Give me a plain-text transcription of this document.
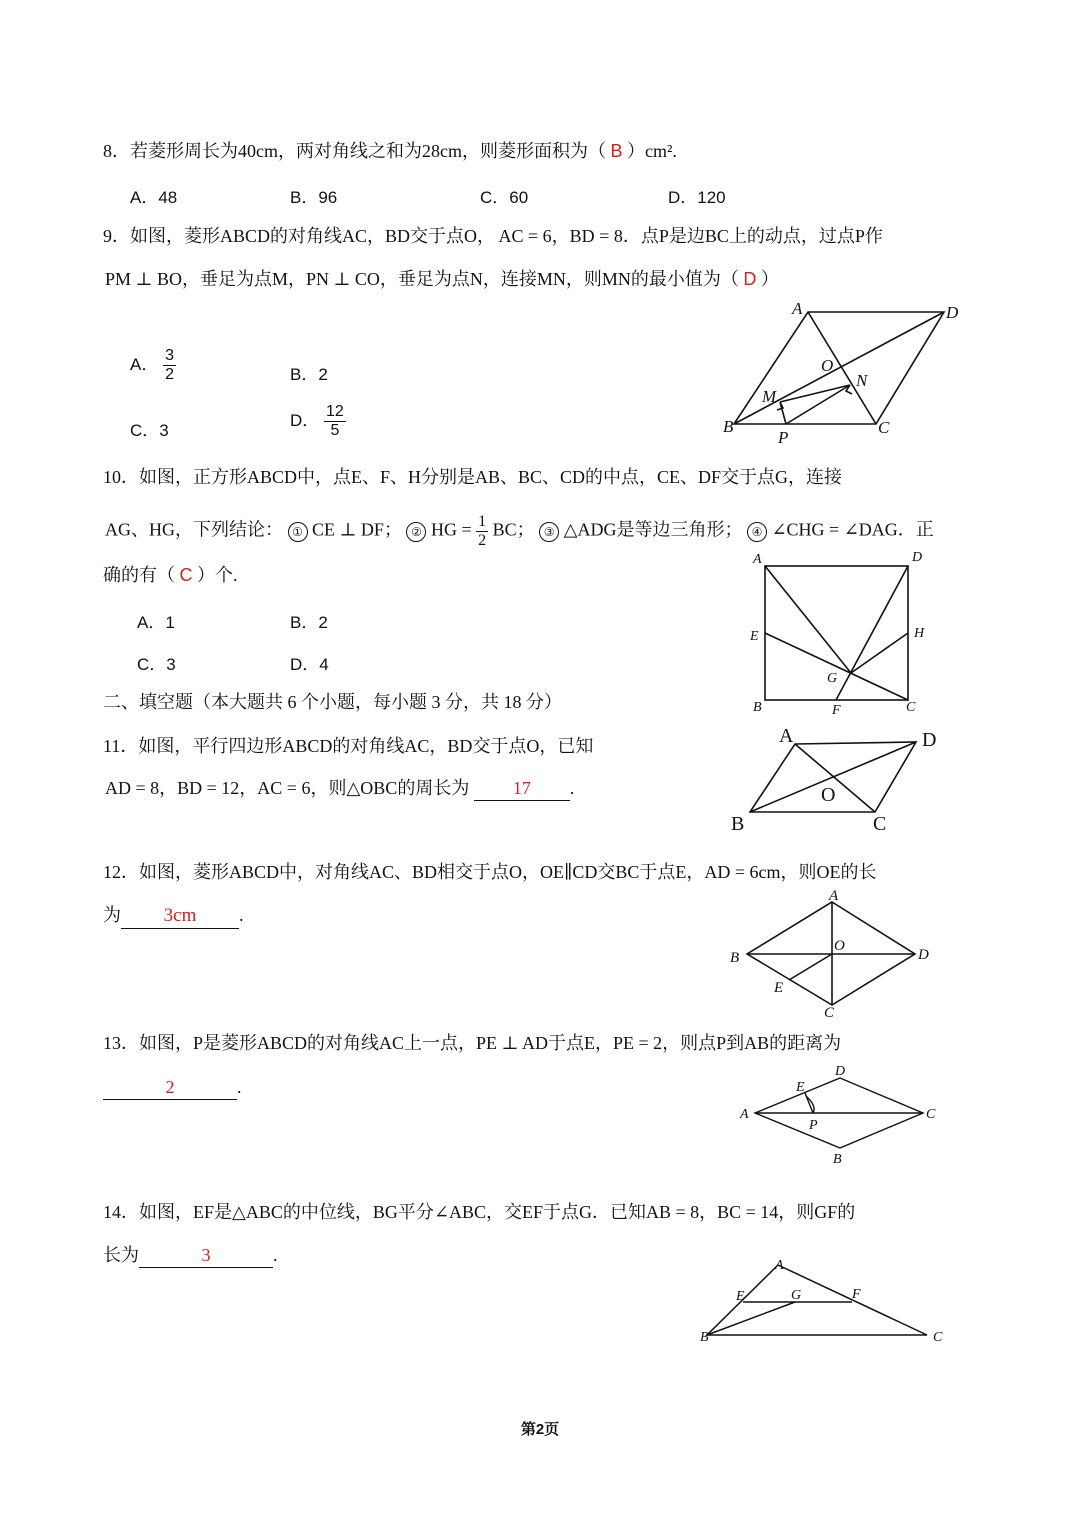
8．若菱形周长为40cm，两对角线之和为28cm，则菱形面积为（ B ）cm².
A．48	B．96	C．60	D．120
9．如图，菱形ABCD的对角线AC，BD交于点O， AC = 6，BD = 8．点P是边BC上的动点，过点P作
PM ⊥ BO，垂足为点M，PN ⊥ CO，垂足为点N，连接MN，则MN的最小值为（ D ）
A． $\frac{3}{2}$	B．2
C．3
D． $\frac{12}{5}$
A	D
O
N
M
B
P
C
10．如图，正方形ABCD中，点E、F、H分别是AB、BC、CD的中点，CE、DF交于点G，连接
AG、HG，下列结论： ① CE ⊥ DF； ② HG = $\frac{1}{2}$ BC； ③ △ADG是等边三角形； ④ ∠CHG = ∠DAG．正
确的有（ C ）个.
A．1	B．2
C．3	D．4
A	D
E	H
G
B	F	C
二、填空题（本大题共 6 个小题，每小题 3 分，共 18 分）
11．如图，平行四边形ABCD的对角线AC，BD交于点O，已知
AD = 8，BD = 12，AC = 6，则△OBC的周长为 17 .
A	D
O
B	C
12．如图，菱形ABCD中，对角线AC、BD相交于点O，OE∥CD交BC于点E，AD = 6cm，则OE的长
为 3cm .
A
O
B	D
E
C
13．如图，P是菱形ABCD的对角线AC上一点，PE ⊥ AD于点E，PE = 2，则点P到AB的距离为
2	.
D
E
A	C
P
B
14．如图，EF是△ABC的中位线，BG平分∠ABC，交EF于点G．已知AB = 8，BC = 14，则GF的
长为	3	.
A
E	G	F
B	C
第2页
